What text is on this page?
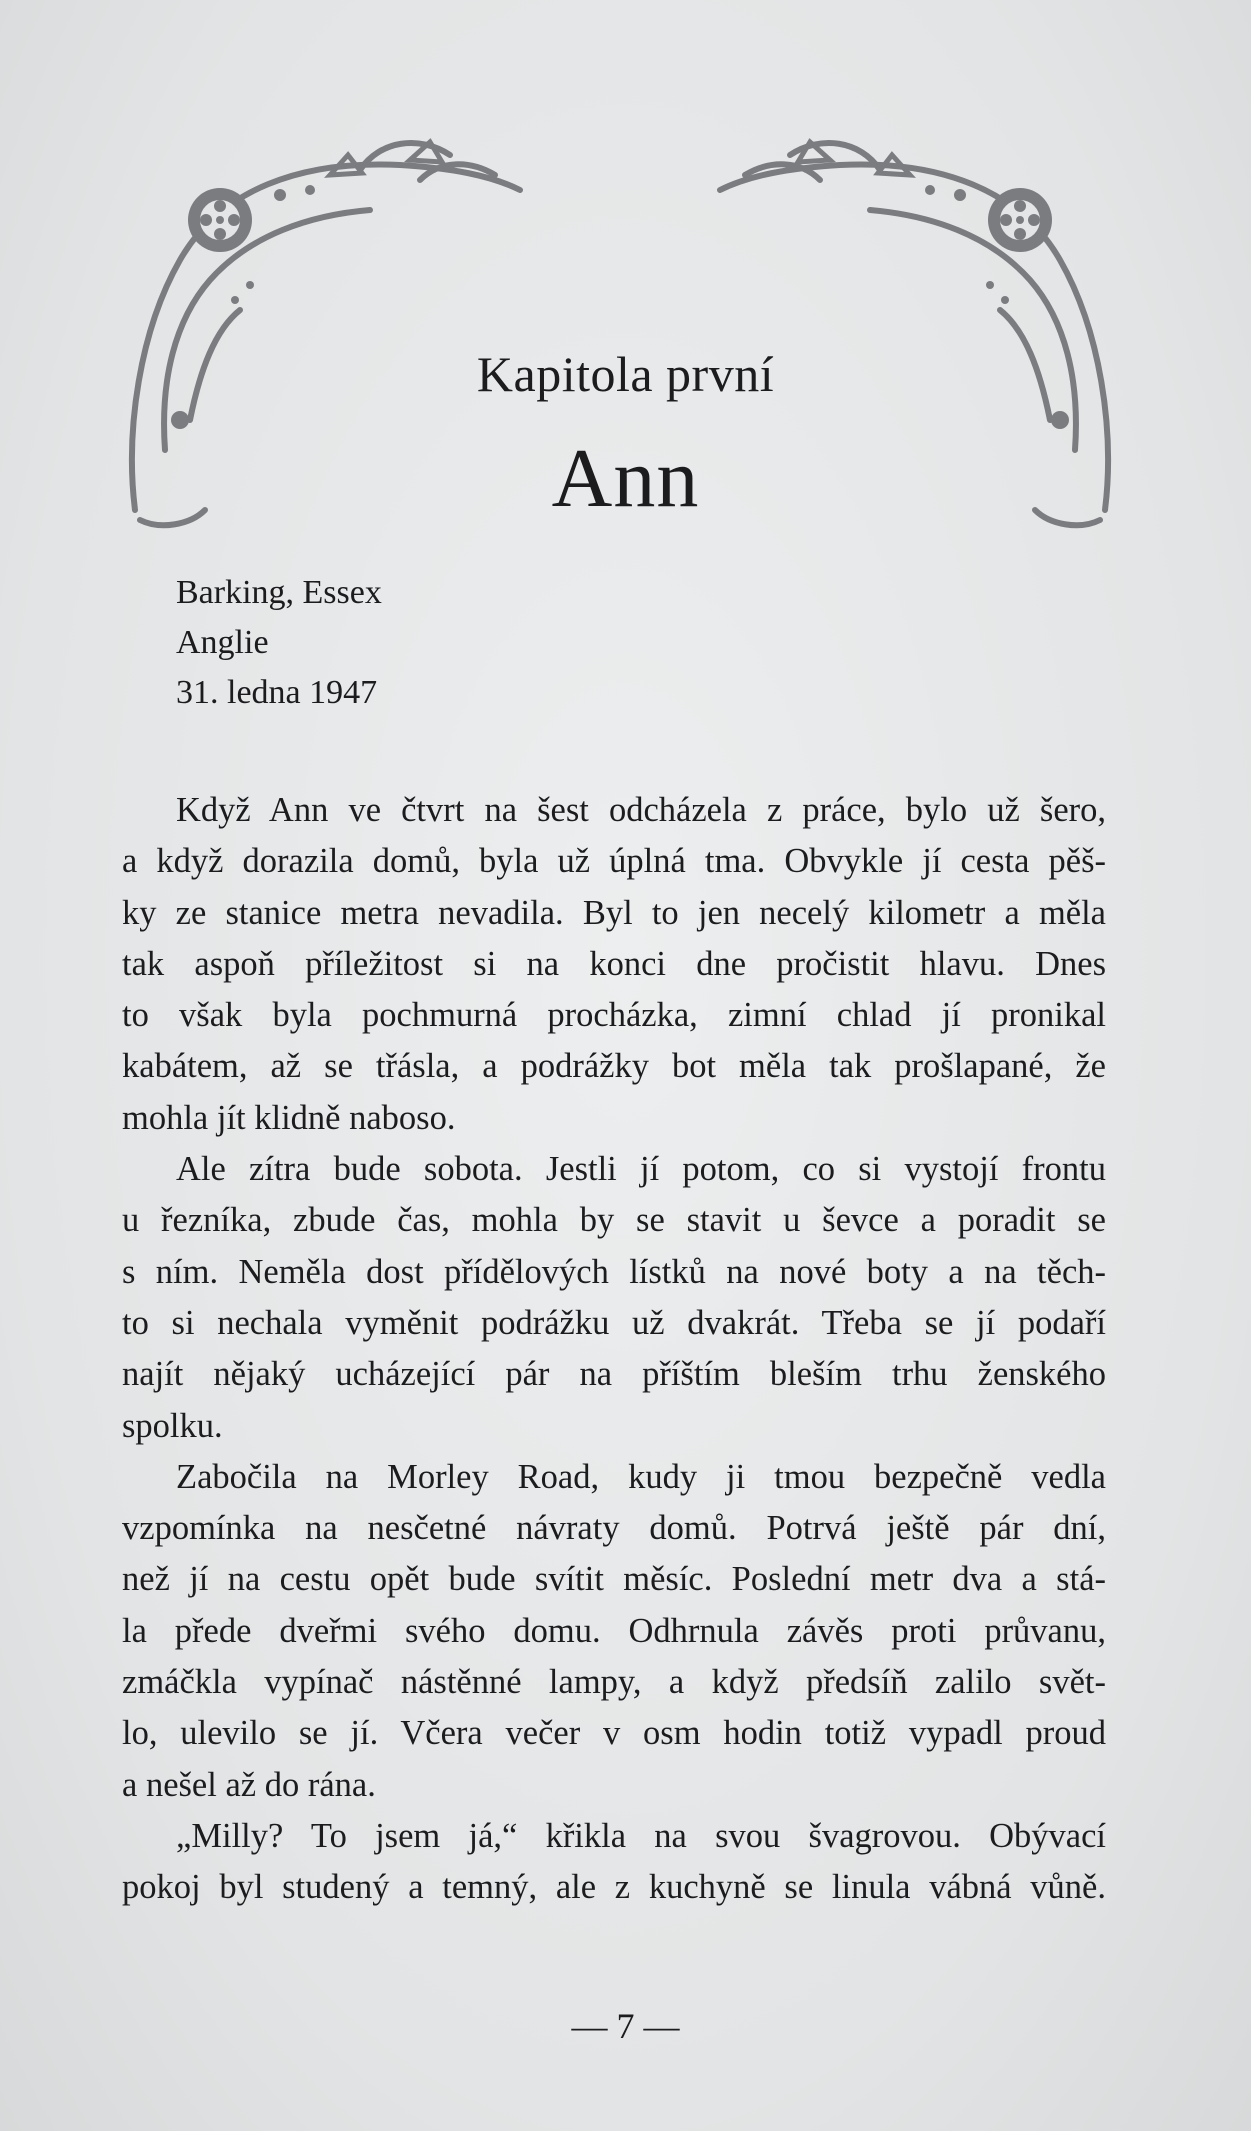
Kapitola první
Ann
Barking, Essex
Anglie
31. ledna 1947
Když Ann ve čtvrt na šest odcházela z práce, bylo už šero,
a když dorazila domů, byla už úplná tma. Obvykle jí cesta pěš-
ky ze stanice metra nevadila. Byl to jen necelý kilometr a měla
tak aspoň příležitost si na konci dne pročistit hlavu. Dnes
to však byla pochmurná procházka, zimní chlad jí pronikal
kabátem, až se třásla, a podrážky bot měla tak prošlapané, že
mohla jít klidně naboso.
Ale zítra bude sobota. Jestli jí potom, co si vystojí frontu
u řezníka, zbude čas, mohla by se stavit u ševce a poradit se
s ním. Neměla dost přídělových lístků na nové boty a na těch-
to si nechala vyměnit podrážku už dvakrát. Třeba se jí podaří
najít nějaký ucházející pár na příštím bleším trhu ženského
spolku.
Zabočila na Morley Road, kudy ji tmou bezpečně vedla
vzpomínka na nesčetné návraty domů. Potrvá ještě pár dní,
než jí na cestu opět bude svítit měsíc. Poslední metr dva a stá-
la přede dveřmi svého domu. Odhrnula závěs proti průvanu,
zmáčkla vypínač nástěnné lampy, a když předsíň zalilo svět-
lo, ulevilo se jí. Včera večer v osm hodin totiž vypadl proud
a nešel až do rána.
„Milly? To jsem já,“ křikla na svou švagrovou. Obývací
pokoj byl studený a temný, ale z kuchyně se linula vábná vůně.
— 7 —
